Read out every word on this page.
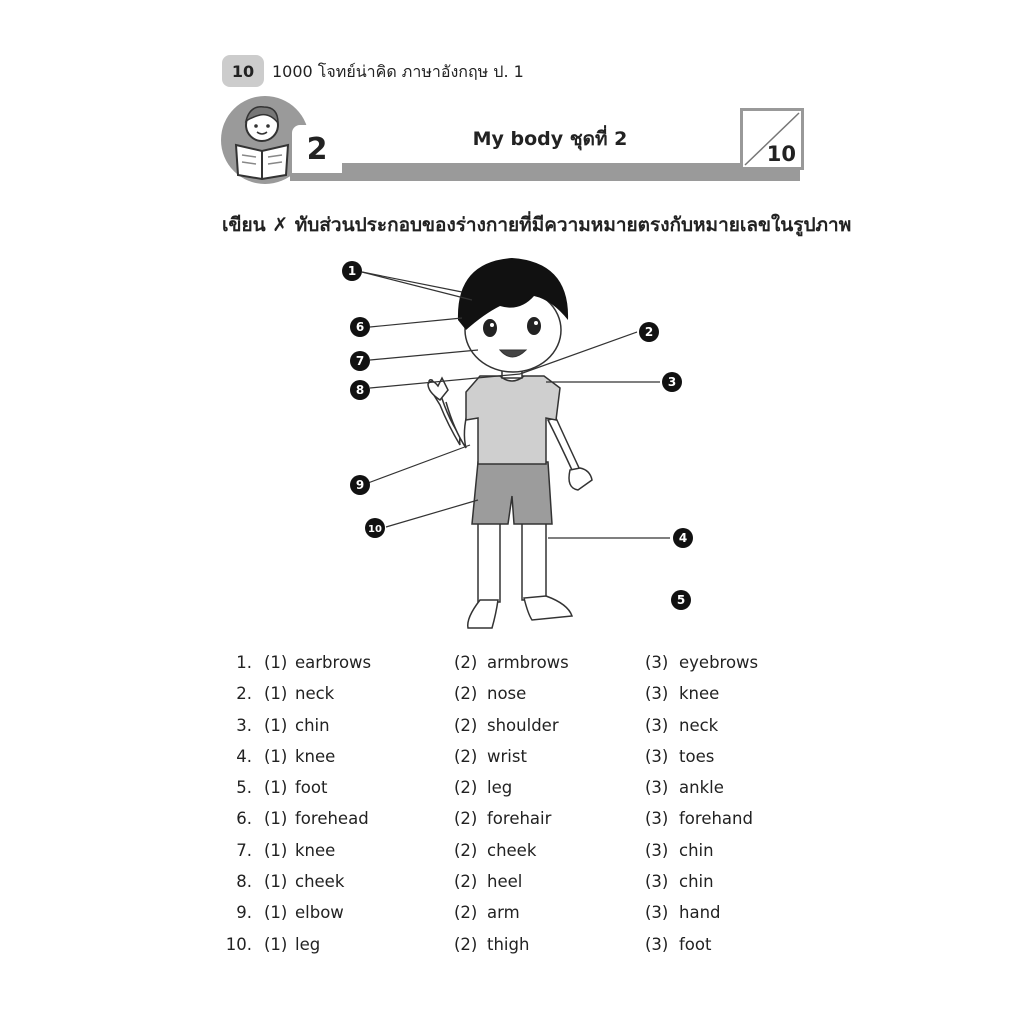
10	1000 โจทย์น่าคิด ภาษาอังกฤษ ป. 1
2	My body ชุดที่ 2
10
เขียน ✗ ทับส่วนประกอบของร่างกายที่มีความหมายตรงกับหมายเลขในรูปภาพ
1
2
3
4
5
6
7
8
9
10
1. (1) earbrows	(2) armbrows	(3) eyebrows
2. (1) neck	(2) nose	(3) knee
3. (1) chin	(2) shoulder	(3) neck
4. (1) knee	(2) wrist	(3) toes
5. (1) foot	(2) leg	(3) ankle
6. (1) forehead	(2) forehair	(3) forehand
7. (1) knee	(2) cheek	(3) chin
8. (1) cheek	(2) heel	(3) chin
9. (1) elbow	(2) arm	(3) hand
10. (1) leg	(2) thigh	(3) foot
